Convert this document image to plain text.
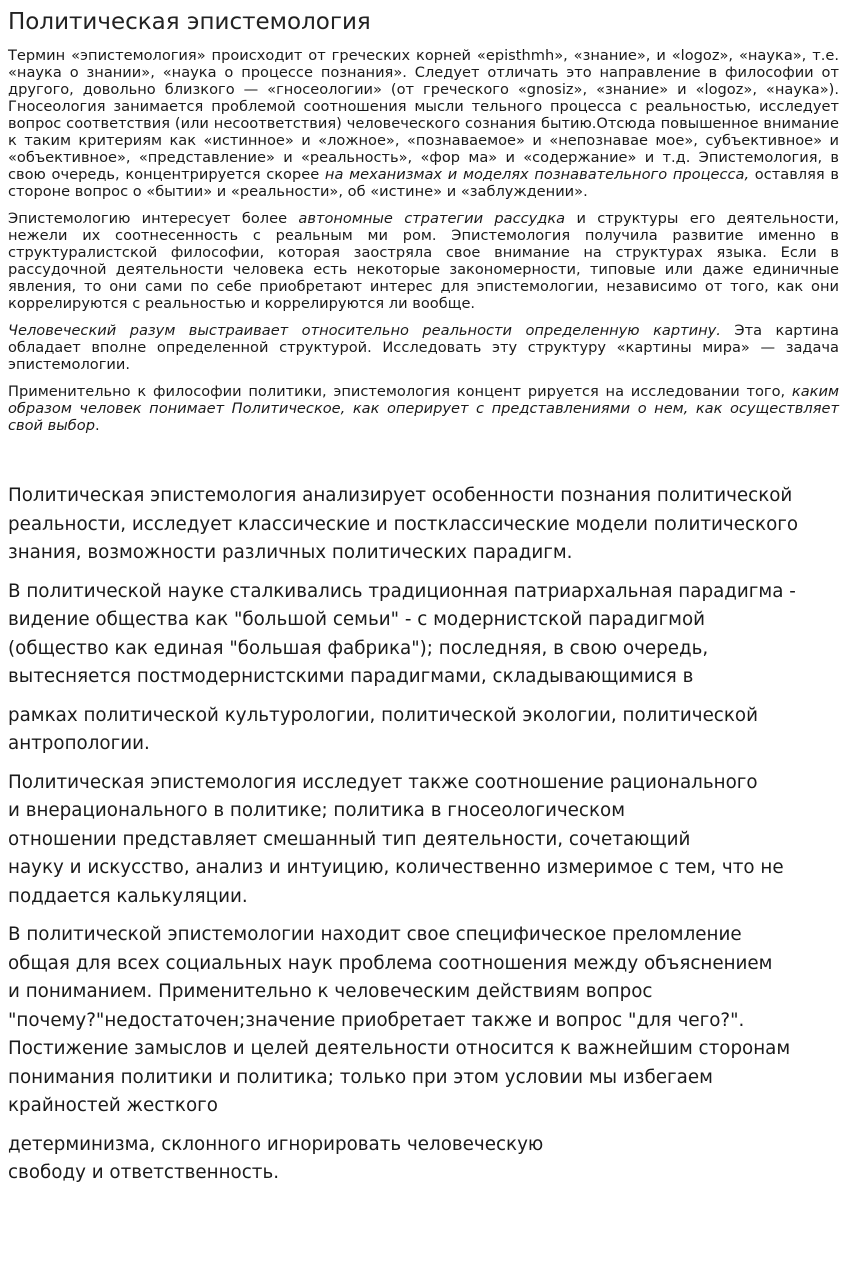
Политическая эпистемология

Термин «эпистемология» происходит от греческих корней «episthmh», «знание», и «logoz», «наука», т.е. «наука о знании», «наука о процессе познания». Следует отличать это направление в философии от другого, довольно близкого — «гносеологии» (от греческого «gnosiz», «знание» и «logoz», «наука»). Гносеология занимается проблемой соотношения мысли тельного процесса с реальностью, исследует вопрос соответствия (или несоответствия) человеческого сознания бытию.Отсюда повышенное внимание к таким критериям как «истинное» и «ложное», «познаваемое» и «непознавае мое», субъективное» и «объективное», «представление» и «реальность», «фор ма» и «содержание» и т.д. Эпистемология, в свою очередь, концентрируется скорее на механизмах и моделях познавательного процесса, оставляя в стороне вопрос о «бытии» и «реальности», об «истине» и «заблуждении».

Эпистемологию интересует более автономные стратегии рассудка и структуры его деятельности, нежели их соотнесенность с реальным ми ром. Эпистемология получила развитие именно в структуралистской философии, которая заостряла свое внимание на структурах языка. Если в рассудочной деятельности человека есть некоторые закономерности, типовые или даже единичные явления, то они сами по себе приобретают интерес для эпистемологии, независимо от того, как они коррелируются с реальностью и коррелируются ли вообще.

Человеческий разум выстраивает относительно реальности определенную картину. Эта картина обладает вполне определенной структурой. Исследовать эту структуру «картины мира» — задача эпистемологии.

Применительно к философии политики, эпистемология концент рируется на исследовании того, каким образом человек понимает Политическое, как оперирует с представлениями о нем, как осуществляет свой выбор.

Политическая эпистемология анализирует особенности познания политической
реальности, исследует классические и постклассические модели политического
знания, возможности различных политических парадигм.

В политической науке сталкивались традиционная патриархальная парадигма -
видение общества как "большой семьи" - с модернистской парадигмой
(общество как единая "большая фабрика"); последняя, в свою очередь,
вытесняется постмодернистскими парадигмами, складывающимися в

рамках политической культурологии, политической экологии, политической
антропологии.

Политическая эпистемология исследует также соотношение рационального
и внерационального в политике; политика в гносеологическом
отношении представляет смешанный тип деятельности, сочетающий
науку и искусство, анализ и интуицию, количественно измеримое с тем, что не
поддается калькуляции.

В политической эпистемологии находит свое специфическое преломление
общая для всех социальных наук проблема соотношения между объяснением
и пониманием. Применительно к человеческим действиям вопрос
"почему?"недостаточен;значение приобретает также и вопрос "для чего?".
Постижение замыслов и целей деятельности относится к важнейшим сторонам
понимания политики и политика; только при этом условии мы избегаем
крайностей жесткого

детерминизма, склонного игнорировать человеческую
свободу и ответственность.
